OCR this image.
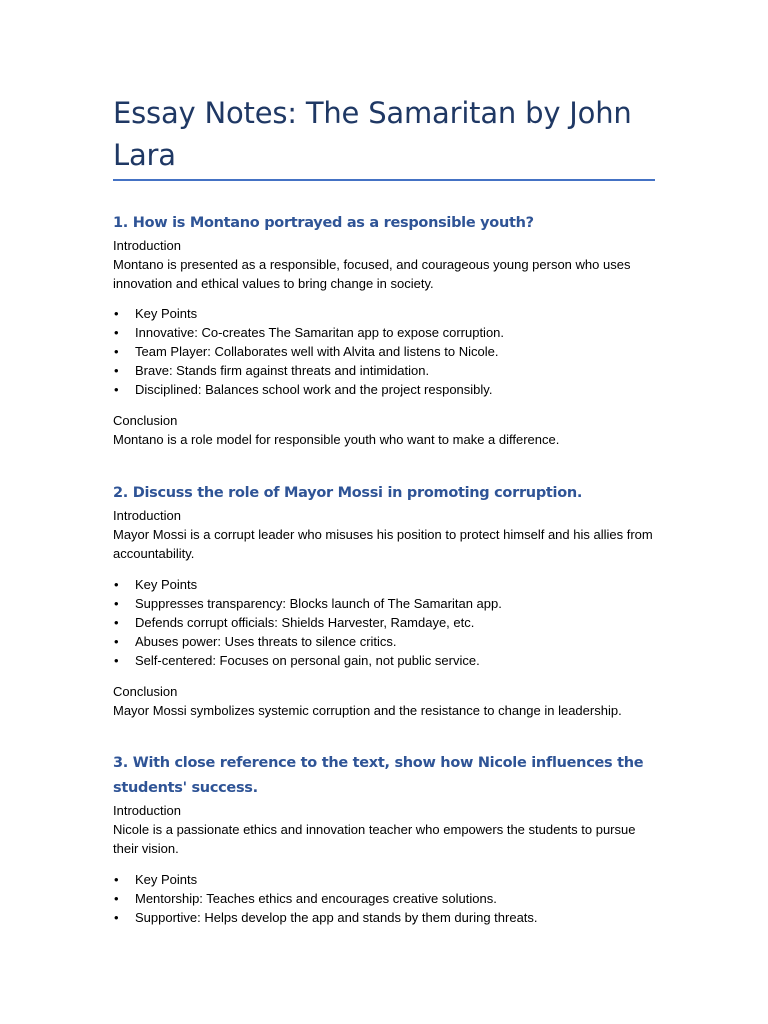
Essay Notes: The Samaritan by John Lara
1. How is Montano portrayed as a responsible youth?

Introduction

Montano is presented as a responsible, focused, and courageous young person who uses innovation and ethical values to bring change in society.

• Key Points
• Innovative: Co-creates The Samaritan app to expose corruption.
• Team Player: Collaborates well with Alvita and listens to Nicole.
• Brave: Stands firm against threats and intimidation.
• Disciplined: Balances school work and the project responsibly.

Conclusion

Montano is a role model for responsible youth who want to make a difference.

2. Discuss the role of Mayor Mossi in promoting corruption.

Introduction

Mayor Mossi is a corrupt leader who misuses his position to protect himself and his allies from accountability.

• Key Points
• Suppresses transparency: Blocks launch of The Samaritan app.
• Defends corrupt officials: Shields Harvester, Ramdaye, etc.
• Abuses power: Uses threats to silence critics.
• Self-centered: Focuses on personal gain, not public service.

Conclusion

Mayor Mossi symbolizes systemic corruption and the resistance to change in leadership.

3. With close reference to the text, show how Nicole influences the students' success.

Introduction

Nicole is a passionate ethics and innovation teacher who empowers the students to pursue their vision.

• Key Points
• Mentorship: Teaches ethics and encourages creative solutions.
• Supportive: Helps develop the app and stands by them during threats.
